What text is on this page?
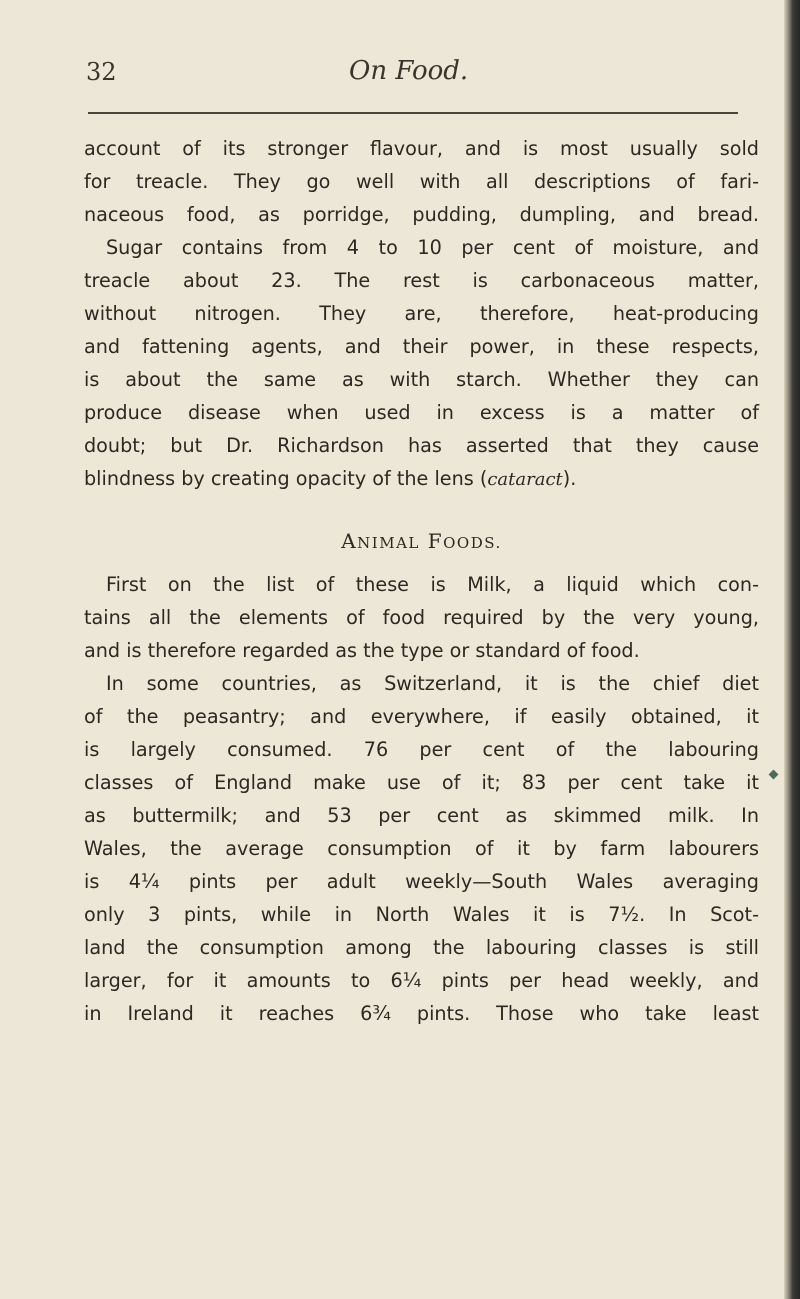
32	On Food.
account of its stronger flavour, and is most usually sold
for treacle. They go well with all descriptions of fari-
naceous food, as porridge, pudding, dumpling, and bread.
Sugar contains from 4 to 10 per cent of moisture, and
treacle about 23. The rest is carbonaceous matter,
without nitrogen. They are, therefore, heat-producing
and fattening agents, and their power, in these respects,
is about the same as with starch. Whether they can
produce disease when used in excess is a matter of
doubt; but Dr. Richardson has asserted that they cause
blindness by creating opacity of the lens (cataract).
ANIMAL FOODS.
First on the list of these is Milk, a liquid which con-
tains all the elements of food required by the very young,
and is therefore regarded as the type or standard of food.
In some countries, as Switzerland, it is the chief diet
of the peasantry; and everywhere, if easily obtained, it
is largely consumed. 76 per cent of the labouring
classes of England make use of it; 83 per cent take it
as buttermilk; and 53 per cent as skimmed milk. In
Wales, the average consumption of it by farm labourers
is 4¼ pints per adult weekly—South Wales averaging
only 3 pints, while in North Wales it is 7½. In Scot-
land the consumption among the labouring classes is still
larger, for it amounts to 6¼ pints per head weekly, and
in Ireland it reaches 6¾ pints. Those who take least
